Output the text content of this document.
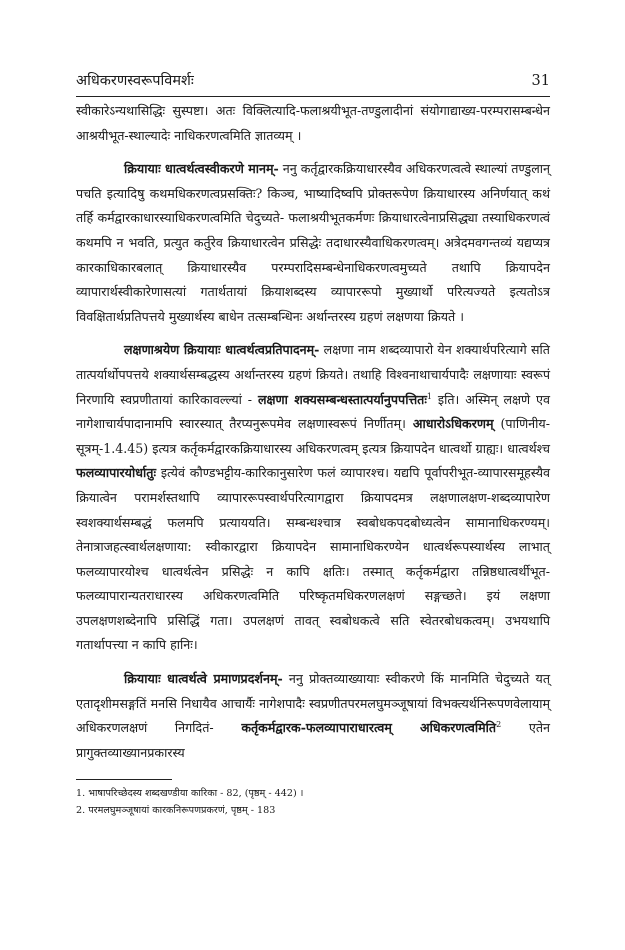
अधिकरणस्वरूपविमर्शः	31

स्वीकारेऽन्यथासिद्धिः सुस्पष्टा। अतः विक्लित्यादि-फलाश्रयीभूत-तण्डुलादीनां संयोगाद्याख्य-परम्परासम्बन्धेन आश्रयीभूत-स्थाल्यादेः नाधिकरणत्वमिति ज्ञातव्यम् ।

क्रियायाः धात्वर्थत्वस्वीकरणे मानम्- ननु कर्तृद्वारकक्रियाधारस्यैव अधिकरणत्वत्वे स्थाल्यां तण्डुलान् पचति इत्यादिषु कथमधिकरणत्वप्रसक्तिः? किञ्च, भाष्यादिष्वपि प्रोक्तरूपेण क्रियाधारस्य अनिर्णयात् कथं तर्हि कर्मद्वारकाधारस्याधिकरणत्वमिति चेदुच्यते- फलाश्रयीभूतकर्मणः क्रियाधारत्वेनाप्रसिद्ध्या तस्याधिकरणत्वं कथमपि न भवति, प्रत्युत कर्तुरेव क्रियाधारत्वेन प्रसिद्धेः तदाधारस्यैवाधिकरणत्वम्। अत्रेदमवगन्तव्यं यद्यप्यत्र कारकाधिकारबलात् क्रियाधारस्यैव परम्परादिसम्बन्धेनाधिकरणत्वमुच्यते तथापि क्रियापदेन व्यापारार्थस्वीकारेणासत्यां गतार्थतायां क्रियाशब्दस्य व्यापाररूपो मुख्यार्थो परित्यज्यते इत्यतोऽत्र विवक्षितार्थप्रतिपत्तये मुख्यार्थस्य बाधेन तत्सम्बन्धिनः अर्थान्तरस्य ग्रहणं लक्षणया क्रियते ।

लक्षणाश्रयेण क्रियायाः धात्वर्थत्वप्रतिपादनम्- लक्षणा नाम शब्दव्यापारो येन शक्यार्थपरित्यागे सति तात्पर्यार्थोपपत्तये शक्यार्थसम्बद्धस्य अर्थान्तरस्य ग्रहणं क्रियते। तथाहि विश्वनाथाचार्यपादैः लक्षणायाः स्वरूपं निरणायि स्वप्रणीतायां कारिकावल्ल्यां - लक्षणा शक्यसम्बन्धस्तात्पर्यानुपपत्तितः$^1$ इति। अस्मिन् लक्षणे एव नागेशाचार्यपादानामपि स्वारस्यात् तैरप्यनुरूपमेव लक्षणास्वरूपं निर्णीतम्। आधारोऽधिकरणम् (पाणिनीय-सूत्रम्-1.4.45) इत्यत्र कर्तृकर्मद्वारकक्रियाधारस्य अधिकरणत्वम् इत्यत्र क्रियापदेन धात्वर्थो ग्राह्यः। धात्वर्थश्च फलव्यापारयोर्धातुः इत्येवं कौण्डभट्टीय-कारिकानुसारेण फलं व्यापारश्च। यद्यपि पूर्वापरीभूत-व्यापारसमूहस्यैव क्रियात्वेन परामर्शस्तथापि व्यापाररूपस्वार्थपरित्यागद्वारा क्रियापदमत्र लक्षणालक्षण-शब्दव्यापारेण स्वशक्यार्थसम्बद्धं फलमपि प्रत्याययति। सम्बन्धश्चात्र स्वबोधकपदबोध्यत्वेन सामानाधिकरण्यम्। तेनात्राजहत्स्वार्थलक्षणाया: स्वीकारद्वारा क्रियापदेन सामानाधिकरण्येन धात्वर्थरूपस्यार्थस्य लाभात् फलव्यापारयोश्च धात्वर्थत्वेन प्रसिद्धेः न कापि क्षतिः। तस्मात् कर्तृकर्मद्वारा तन्निष्ठधात्वर्थीभूत-फलव्यापारान्यतराधारस्य अधिकरणत्वमिति परिष्कृतमधिकरणलक्षणं सङ्गच्छते। इयं लक्षणा उपलक्षणशब्देनापि प्रसिद्धिं गता। उपलक्षणं तावत् स्वबोधकत्वे सति स्वेतरबोधकत्वम्। उभयथापि गतार्थापत्त्या न कापि हानिः।

क्रियायाः धात्वर्थत्वे प्रमाणप्रदर्शनम्- ननु प्रोक्तव्याख्यायाः स्वीकरणे किं मानमिति चेदुच्यते यत् एतादृशीमसङ्गतिं मनसि निधायैव आचार्यैः नागेशपादैः स्वप्रणीतपरमलघुमञ्जूषायां विभक्त्यर्थनिरूपणवेलायाम् अधिकरणलक्षणं निगदितं- कर्तृकर्मद्वारक-फलव्यापाराधारत्वम् अधिकरणत्वमिति$^2$ एतेन प्रागुक्तव्याख्यानप्रकारस्य

1. भाषापरिच्छेदस्य शब्दखण्डीया कारिका - 82, (पृष्ठम् - 442) ।
2. परमलघुमञ्जूषायां कारकनिरूपणप्रकरणं, पृष्ठम् - 183
